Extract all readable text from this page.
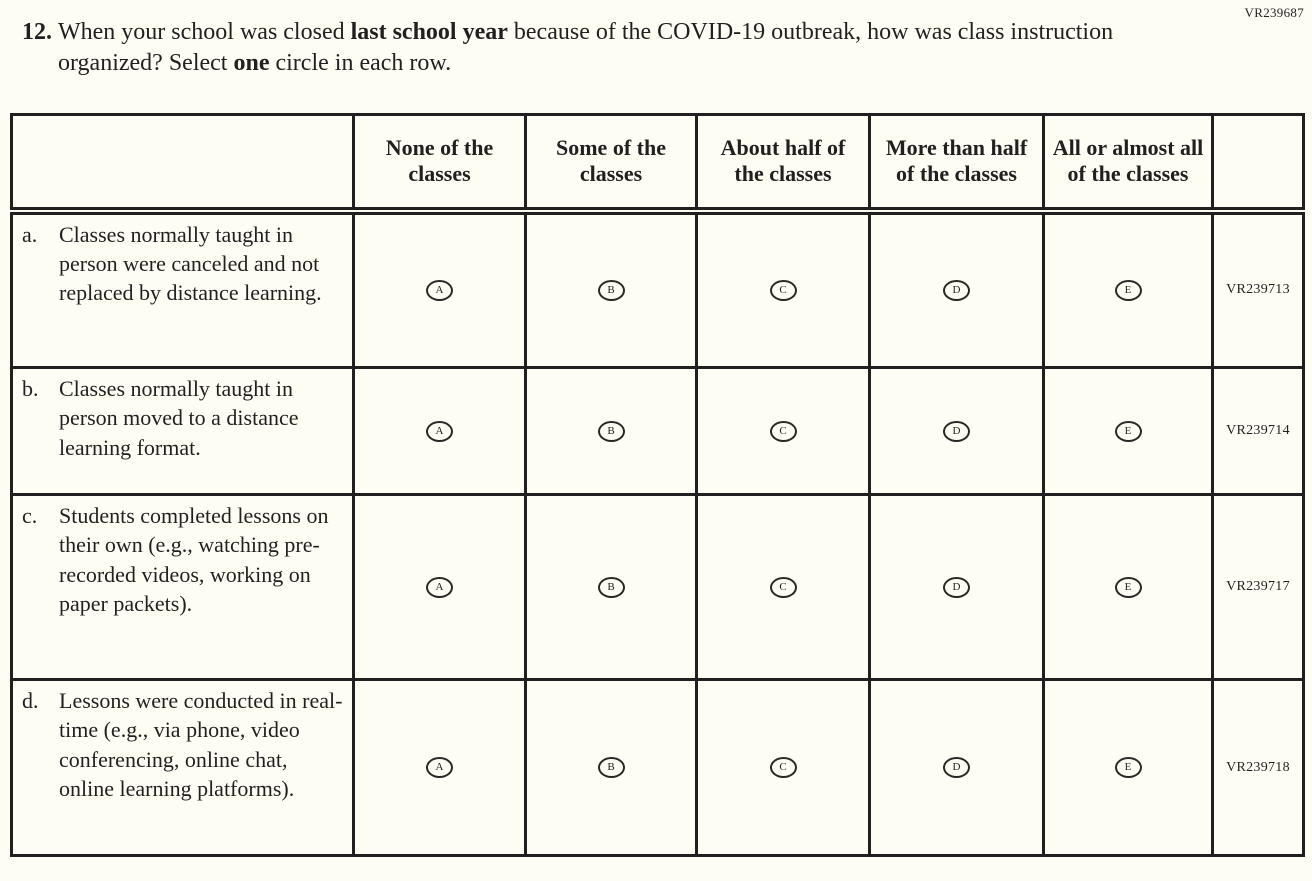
VR239687
12. When your school was closed last school year because of the COVID-19 outbreak, how was class instruction organized? Select one circle in each row.
	None of the classes	Some of the classes	About half of the classes	More than half of the classes	All or almost all of the classes	

a. Classes normally taught in person were canceled and not replaced by distance learning.	A	B	C	D	E	VR239713

b. Classes normally taught in person moved to a distance learning format.	A	B	C	D	E	VR239714

c. Students completed lessons on their own (e.g., watching pre-recorded videos, working on paper packets).	A	B	C	D	E	VR239717

d. Lessons were conducted in real-time (e.g., via phone, video conferencing, online chat, online learning platforms).	A	B	C	D	E	VR239718
